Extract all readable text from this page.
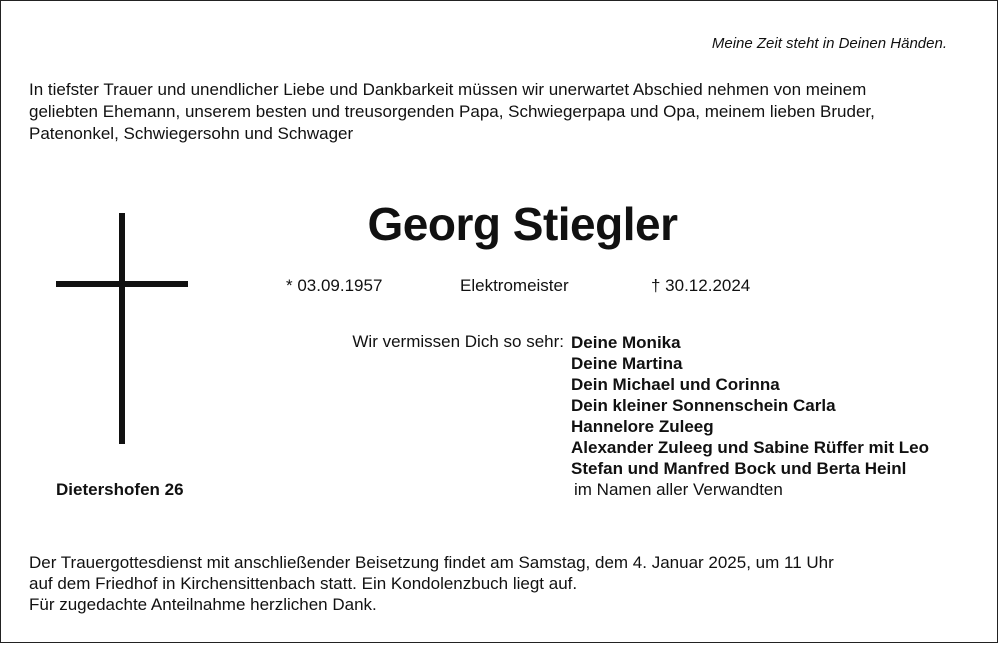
Meine Zeit steht in Deinen Händen.
In tiefster Trauer und unendlicher Liebe und Dankbarkeit müssen wir unerwartet Abschied nehmen von meinem
geliebten Ehemann, unserem besten und treusorgenden Papa, Schwiegerpapa und Opa, meinem lieben Bruder,
Patenonkel, Schwiegersohn und Schwager
Georg Stiegler
* 03.09.1957	Elektromeister	† 30.12.2024
Wir vermissen Dich so sehr: Deine Monika
Deine Martina
Dein Michael und Corinna
Dein kleiner Sonnenschein Carla
Hannelore Zuleeg
Alexander Zuleeg und Sabine Rüffer mit Leo
Stefan und Manfred Bock und Berta Heinl
Dietershofen 26	im Namen aller Verwandten
Der Trauergottesdienst mit anschließender Beisetzung findet am Samstag, dem 4. Januar 2025, um 11 Uhr
auf dem Friedhof in Kirchensittenbach statt. Ein Kondolenzbuch liegt auf.
Für zugedachte Anteilnahme herzlichen Dank.
